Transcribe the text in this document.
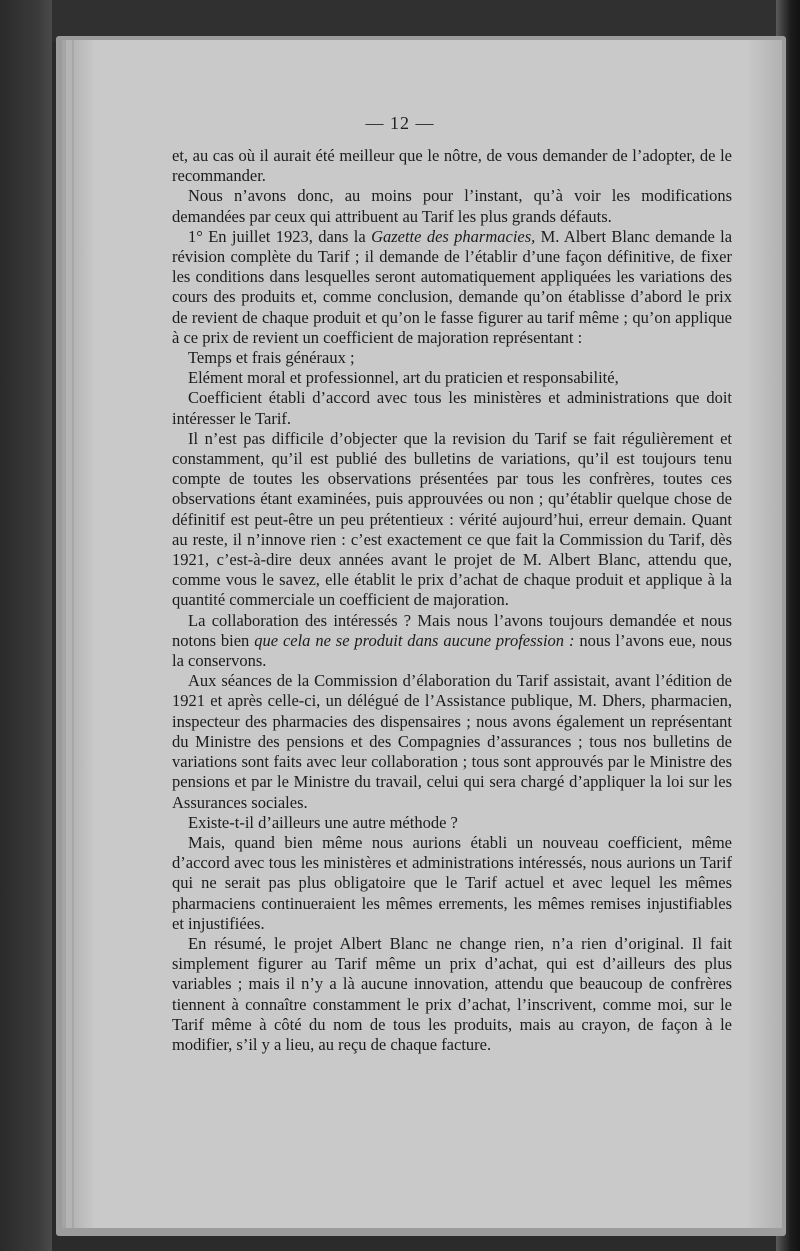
— 12 —

et, au cas où il aurait été meilleur que le nôtre, de vous demander de l’adopter, de le recommander.

Nous n’avons donc, au moins pour l’instant, qu’à voir les modifications demandées par ceux qui attribuent au Tarif les plus grands défauts.

1° En juillet 1923, dans la Gazette des pharmacies, M. Albert Blanc demande la révision complète du Tarif ; il demande de l’établir d’une façon définitive, de fixer les conditions dans lesquelles seront automatiquement appliquées les variations des cours des produits et, comme conclusion, demande qu’on établisse d’abord le prix de revient de chaque produit et qu’on le fasse figurer au tarif même ; qu’on applique à ce prix de revient un coefficient de majoration représentant :

Temps et frais généraux ;

Elément moral et professionnel, art du praticien et responsabilité,

Coefficient établi d’accord avec tous les ministères et administrations que doit intéresser le Tarif.

Il n’est pas difficile d’objecter que la revision du Tarif se fait régulièrement et constamment, qu’il est publié des bulletins de variations, qu’il est toujours tenu compte de toutes les observations présentées par tous les confrères, toutes ces observations étant examinées, puis approuvées ou non ; qu’établir quelque chose de définitif est peut-être un peu prétentieux : vérité aujourd’hui, erreur demain. Quant au reste, il n’innove rien : c’est exactement ce que fait la Commission du Tarif, dès 1921, c’est-à-dire deux années avant le projet de M. Albert Blanc, attendu que, comme vous le savez, elle établit le prix d’achat de chaque produit et applique à la quantité commerciale un coefficient de majoration.

La collaboration des intéressés ? Mais nous l’avons toujours demandée et nous notons bien que cela ne se produit dans aucune profession : nous l’avons eue, nous la conservons.

Aux séances de la Commission d’élaboration du Tarif assistait, avant l’édition de 1921 et après celle-ci, un délégué de l’Assistance publique, M. Dhers, pharmacien, inspecteur des pharmacies des dispensaires ; nous avons également un représentant du Ministre des pensions et des Compagnies d’assurances ; tous nos bulletins de variations sont faits avec leur collaboration ; tous sont approuvés par le Ministre des pensions et par le Ministre du travail, celui qui sera chargé d’appliquer la loi sur les Assurances sociales.

Existe-t-il d’ailleurs une autre méthode ?

Mais, quand bien même nous aurions établi un nouveau coefficient, même d’accord avec tous les ministères et administrations intéressés, nous aurions un Tarif qui ne serait pas plus obligatoire que le Tarif actuel et avec lequel les mêmes pharmaciens continueraient les mêmes errements, les mêmes remises injustifiables et injustifiées.

En résumé, le projet Albert Blanc ne change rien, n’a rien d’original. Il fait simplement figurer au Tarif même un prix d’achat, qui est d’ailleurs des plus variables ; mais il n’y a là aucune innovation, attendu que beaucoup de confrères tiennent à connaître constamment le prix d’achat, l’inscrivent, comme moi, sur le Tarif même à côté du nom de tous les produits, mais au crayon, de façon à le modifier, s’il y a lieu, au reçu de chaque facture.
